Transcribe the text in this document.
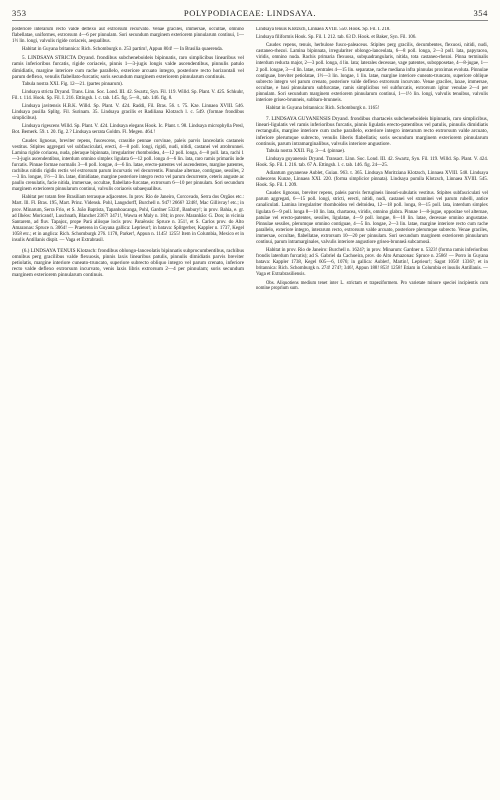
353	POLYPODIACEAE: LINDSAYA.	354

posteriore interarum recto valde deflexo aut extrorsum recurvato. Venae graciles, immersae, occultae, omnino flabellatae, uniformes, extrorsum 4—6 per pinnulam. Sori secundum marginem exteriorem pinnularum continui, 1—1½ lin. longi, valvulis rigide coriaceis, aequalibus.

Habitat in Guyana britannica: Rich. Schomburgk n. 253 partim!, Appun 804! — In Brasilia quaerenda.

5. LINDSAYA STRICTA Dryand. frondibus subcheneboideis bipinnatis, raro simplicibus linearibus vel ramis inferioribus furcatis, rigide coriaceis, pinnis 1—3-jugis longis valde ascendentibus, pinnulis patulo dimidiatis, margine interiore cum rache parallelo, exteriore arcuato integro, posteriore recto horizontali vel parum deflexo, venulis flabellato-furcatis; soris secundum marginem exteriorem pinnularum continuis.

Tabula nostra XXI. Fig. 12—21. (partes pinnarum).

Lindsaya stricta Dryand. Trans. Linn. Soc. Lond. III. 42. Swartz, Syn. Fil. 119. Willd. Sp. Plant. V. 425. Schkuhr, Fil. t. 114. Hook. Sp. Fil. I. 216. Ettingsh. l. c. tab. 145. fig. 5—8., tab. 146. fig. 8.

Lindsaya javitensis H.B.K. Willd. Sp. Plant. V. 424. Raddi, Fil. Bras. 56. t. 75. Kze. Linnaea XVIII. 546. Lindsaya pusilla Splitg. Fil. Surinam. 35. Lindsaya gracilis et Radiliana Klotzsch l. c. 549. (formae frondibus simplicibus).

Lindsaya rigescens Willd. Sp. Plant. V. 424. Lindsaya elegans Hook. Ic. Plant. t. 98. Lindsaya microphylla Presl, Bot. Bemerk. 59. t. 20. fig. 2.? Lindsaya serrata Goldm. Fl. Megen. 464.!

Caudex lignosus, breviter repens, fuscescens, crassitie pennae corvinae, paleis parvis lanceolatis castaneis vestitus. Stipites aggregati vel subfasciculati, erecti, 4—8 poll. longi, rigidi, nudi, nitidi, castanei vel atrobrunnei. Lamina rigide coriacea, nuda, pleraque bipinnata, irregulariter rhomboidea, 4—12 poll. longa, 4—8 poll. lata, rachi 1—3-jugis ascendentibus, interdum omnino simplex ligulata 6—12 poll. longa 4—6 lin. lata, raro ramis primariis inde furcatis. Pinnae formae normalis 3—8 poll. longae, 4—6 lin. latae, erecto-patentes vel ascendentes, margine patentes, rachibus nitidis rigidis rectis vel extrorsum parum incurvatis vel decurrentis. Pinnulae alternae, contiguae, sessiles, 2—3 lin. longae, 1½—3 lin. latae, dimidiatae, margine posteriore integro recto vel parum decurrente, ceteris anguste ac paullo crenulatis, facie nitida, immersae, occultae, flabellato-furcatae, extrorsum 6—10 per pinnulam. Sori secundum marginem exteriorem pinnularum continui, valvulis coriaceis subaequalibus.

Habitat per totam fere Brasiliam terrasque adjacentes. In prov. Rio de Janeiro, Corcovado, Serra dos Orgãos etc.: Mart. Ill. Fl. Bras. 195, Mart. Prinz. Vidensk. Pohl, Langsdorff, Burchell n. 947! 2666? 3248!, Mac Gillivray! etc.; in prov. Minarum, Serra Frio, et S. João Baptista, Tapanhoacanga, Pohl, Gardner 5324!, Banbury!; in prov. Bahia, e. gr. ad Ilhéos: Moricand!, Luschnath, Blanchet 2367! 3471!, Wawra et Maly n. 184; in prov. Maranhão: G. Don; in vicinia Santarem, ad fluv. Tapajoz, prope Pará aliisque locis prov. Paraënsis: Spruce n. 351!, et S. Carlos prov. do Alto Amazonas: Spruce n. 3064! — Praeterea in Guyana gallica: Leprieur!; in batava: Splitgerber, Kappler n. 1737, Kegel 1058 etc.; et in anglica: Rich. Schomburgk 276. 1178, Parker!, Appun n. 1145! 1255! Item in Columbia, Mexico et in insulis Antillanis dispit. — Vaga et Extrabrasil.

(6.) LINDSAYA TENUIS Klotzsch: frondibus oblongo-lanceolatis bipinnatis subprocumbentibus, rachibus omnibus perg gracilibus valde flexuosis, pinnis laxis linearibus patulis, pinnulis dimidiatis parvis breviter petiolatis, margine interiore cuneato-truncato, superiore subrecto obliquo integro vel parum crenato, inferiore recto valde deflexo extrorsum incurvato, venis laxis libris extrorsum 2—4 per pinnulam; soris secundum marginem exteriorem pinnularum continuis.

Lindsaya tenuis Klotzsch, Linnaea XVIII. 550. Hook. Sp. Fil. I. 218.

Lindsaya filiformis Hook. Sp. Fil. I. 212. tab. 63 D. Hook. et Baker, Syn. Fil. 106.

Caudex repens, tenuis, herbulose fusco-paleaceus. Stipites perg gracilis, decumbentes, flexuosi, nitidi, nudi, castaneo-rhezoi. Lamina bipinnata, irregulariter oblongo-lanceolata, 6—8 poll. longa, 2—3 poll. lata, papyracea, viridis, omnino nuda. Rachis primaria flexuosa, subquadrangularis, nitida, tota castaneo-rhezoi. Pinna terminalis interdum reducta major, 2—3 poll. longa, 4 lin. lata; laterales decessae, vage patentes, subopposetae, 4—8-jugae, 1—2 poll. longae, 3—4 lin. latae, centrales 4—15 lin. separatae, rache mediana infra pinnulas proximas evoluta. Pinnulae contiguae, breviter petiolatae, 1½—3 lin. longae, 1 lin. latae, margine interiore cuneato-truncato, superiore oblique subrecto integro vel parum crenato, posteriore valde deflexo extrorsum incurvato. Venae graciles, laxae, immersae, occultae, e basi pinnularum subfurcatae, ramis simplicibus vel subfurcatis, extrorsum igitur venulae 2—4 per pinnulam. Sori secundum marginem exteriorem pinnularum continui, 1—1½ lin. longi, valvulis tenuibus, valvulis interiore griseo-brunneis, subbaro-brunneis.

Habitat in Guyana britannica: Rich. Schomburgk n. 1165!

7. LINDSAYA GUYANENSIS Dryand. frondibus chartaceis subcheneboideis bipinnatis, raro simplicibus, lineari-ligulatis vel ramis inferioribus furcatis, pinnis ligulatis erecto-patentibus vel patulis, pinnulis dimidiatis rectangulis, margine interiore cum rache parallelo, exteriore integro interarum recto extrorsum valde arcuato, inferiore plerumque subrecto, venulis liberis flabellatis; soris secundum marginem exteriorem pinnularum continuis, parum intramarginalibus, valvulis interiore angustiore.

Tabula nostra XXII. Fig. 3—4. (pinnae).

Lindsaya guyanensis Dryand. Transact. Linn. Soc. Lond. III. 42. Swartz, Syn. Fil. 119. Willd. Sp. Plant. V. 424. Hook. Sp. Fil. I. 216. tab. 67 A. Ettingsh. l. c. tab. 146. fig. 24—25.

Adiantum guyanense Aublet, Guian. 963. t. 365. Lindsaya Moritziana Klotzsch, Linnaea XVIII. 548. Lindsaya cubescens Kunze, Linnaea XXI. 220. (forma simplicior pinnata). Lindsaya pumila Klotzsch, Linnaea XVIII. 545. Hook. Sp. Fil. I. 209.

Caudex lignosus, breviter repens, paleis parvis ferrugineis lineari-subulatis vestitus. Stipites subfasciculati vel parum aggregati, 6—15 poll. longi, stricti, erecti, nitidi, nudi, castanei vel straminei vel parum rubelli, antice canaliculati. Lamina irregulariter rhomboidea vel deltoidea, 12—18 poll. longa, 8—15 poll. lata, interdum simplex ligulata 6—9 poll. longa 8—10 lin. lata, chartacea, viridis, omnino glabra. Pinnae 1—8-jugae, oppositae vel alternae, patulae vel erecto-patentes, sessiles, ligulatae, 4—9 poll. longae, 8—10 lin. latae, decessae omnino angustatae. Pinnulae sessiles, plerumque omnino contiguae, 4—5 lin. longae, 2—3 lin. latae, margine interiore recto cum rache parallelo, exteriore integro, interarum recto, extrorsum valde arcuato, posteriore plerumque subrecto. Venae graciles, immersae, occultae, flabellatae, extrorsum 10—20 per pinnulam. Sori secundum marginem exteriorem pinnularum continui, parum intramarginales, valvulis interiore angustiore griseo-brunneâ subcarnosâ.

Habitat in prov. Rio de Janeiro: Burchell n. 1624?; in prov. Minarum: Gardner n. 5323! (forma ramis inferioribus frondis laterdum furcatis); ad S. Gabriel da Cachoeira, prov. do Alto Amazonas: Spruce n. 2586! — Porro in Guyana batava: Kappler 1738, Kegel 605—6, 1076; in gallica: Aublet!, Martin!, Leprieur!; Sagot 1050! 1336?; et in britannica: Rich. Schomburgk n. 274! 274?; 346!, Appun 188! 853! 1258! Etiam in Columbia et insulis Antillanis. — Vaga et Extrabrasiliensis.

Obs. Aliquotiens medium tenet inter L. strictam et trapeziformem. Pro varietate minore speciei incipientis cum nomine proprium sum.
